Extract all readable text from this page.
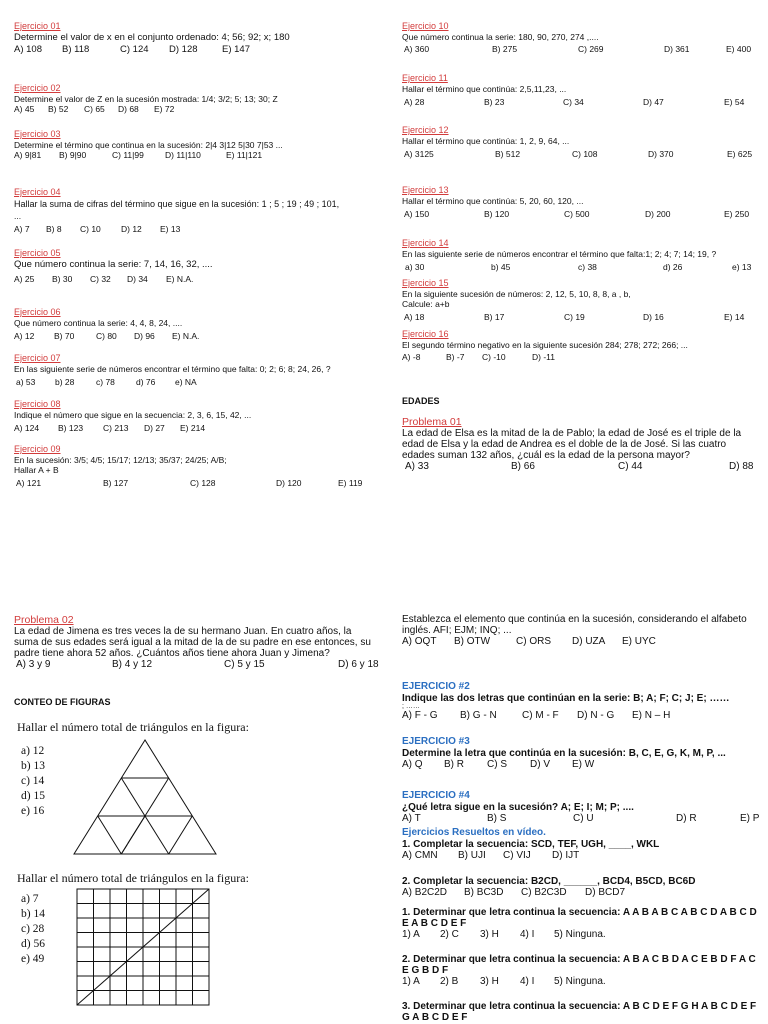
Ejercicio 01
Determine el valor de x en el conjunto ordenado: 4; 56; 92; x; 180
A) 108 B) 118	C) 124 D) 128	E) 147
Ejercicio 02
Determine el valor de Z en la sucesión mostrada: 1/4; 3/2; 5; 13; 30; Z
A) 45 B) 52 C) 65 D) 68 E) 72
Ejercicio 03
Determine el término que continua en la sucesión: 2|4 3|12 5|30 7|53 ...
A) 9|81 B) 9|90	C) 11|99 D) 11|110	E) 11|121
Ejercicio 04
Hallar la suma de cifras del término que sigue en la sucesión: 1 ; 5 ; 19 ; 49 ; 101,
...
A) 7 B) 8 C) 10 D) 12 E) 13
Ejercicio 05
Que número continua la serie: 7, 14, 16, 32, ....
A) 25 B) 30 C) 32 D) 34 E) N.A.
Ejercicio 06
Que número continua la serie: 4, 4, 8, 24, ....
A) 12 B) 70	C) 80 D) 96 E) N.A.
Ejercicio 07
En las siguiente serie de números encontrar el término que falta: 0; 2; 6; 8; 24, 26, ?
a) 53 b) 28	c) 78 d) 76 e) NA
Ejercicio 08
Indique el número que sigue en la secuencia: 2, 3, 6, 15, 42, ...
A) 124 B) 123 C) 213 D) 27 E) 214
Ejercicio 09
En la sucesión: 3/5; 4/5; 15/17; 12/13; 35/37; 24/25; A/B;
Hallar A + B
A) 121	B) 127	C) 128	D) 120	E) 119
Ejercicio 10
Que número continua la serie: 180, 90, 270, 274 ,....
A) 360	B) 275	C) 269	D) 361	E) 400
Ejercicio 11
Hallar el término que continúa: 2,5,11,23, ...
A) 28	B) 23	C) 34	D) 47	E) 54
Ejercicio 12
Hallar el término que continúa: 1, 2, 9, 64, ...
A) 3125	B) 512	C) 108	D) 370	E) 625
Ejercicio 13
Hallar el término que continúa: 5, 20, 60, 120, ...
A) 150	B) 120	C) 500	D) 200	E) 250
Ejercicio 14
En las siguiente serie de números encontrar el término que falta:1; 2; 4; 7; 14; 19, ?
a) 30	b) 45	c) 38	d) 26	e) 13
Ejercicio 15
En la siguiente sucesión de números: 2, 12, 5, 10, 8, 8, a , b,
Calcule: a+b
A) 18	B) 17	C) 19	D) 16	E) 14
Ejercicio 16
El segundo término negativo en la siguiente sucesión 284; 278; 272; 266; ...
A) -8	B) -7 C) -10	D) -11
EDADES
Problema 01
La edad de Elsa es la mitad de la de Pablo; la edad de José es el triple de la edad de Elsa y la edad de Andrea es el doble de la de José. Si las cuatro edades suman 132 años, ¿cuál es la edad de la persona mayor?
A) 33	B) 66	C) 44	D) 88
Problema 02
La edad de Jimena es tres veces la de su hermano Juan. En cuatro años, la suma de sus edades será igual a la mitad de la de su padre en ese entonces, su padre tiene ahora 52 años. ¿Cuántos años tiene ahora Juan y Jimena?
A) 3 y 9	B) 4 y 12	C) 5 y 15	D) 6 y 18
CONTEO DE FIGURAS
Hallar el número total de triángulos en la figura:
a) 12
b) 13
c) 14
d) 15
e) 16
Hallar el número total de triángulos en la figura:
a) 7
b) 14
c) 28
d) 56
e) 49
Establezca el elemento que continúa en la sucesión, considerando el alfabeto inglés. AFI; EJM; INQ; ...
A) OQT B) OTW	C) ORS D) UZA E) UYC
EJERCICIO #2
Indique las dos letras que continúan en la serie: B; A; F; C; J; E; ……
; ……
A) F - G B) G - N	C) M - F D) N - G E) N – H
EJERCICIO #3
Determine la letra que continúa en la sucesión: B, C, E, G, K, M, P, ...
A) Q B) R C) S D) V E) W
EJERCICIO #4
¿Qué letra sigue en la sucesión? A; E; I; M; P; ....
A) T	B) S	C) U	D) R	E) P
Ejercicios Resueltos en vídeo.
1. Completar la secuencia: SCD, TEF, UGH, ____, WKL
A) CMN B) UJI C) VIJ D) IJT
2. Completar la secuencia: B2CD, ______, BCD4, B5CD, BC6D
A) B2C2D B) BC3D C) B2C3D D) BCD7
1. Determinar que letra continua la secuencia: A A B A B C A B C D A B C D E A B C D E F
1) A 2) C 3) H 4) I 5) Ninguna.
2. Determinar que letra continua la secuencia: A B A C B D A C E B D F A C E G B D F
1) A 2) B 3) H 4) I 5) Ninguna.
3. Determinar que letra continua la secuencia: A B C D E F G H A B C D E F G A B C D E F
